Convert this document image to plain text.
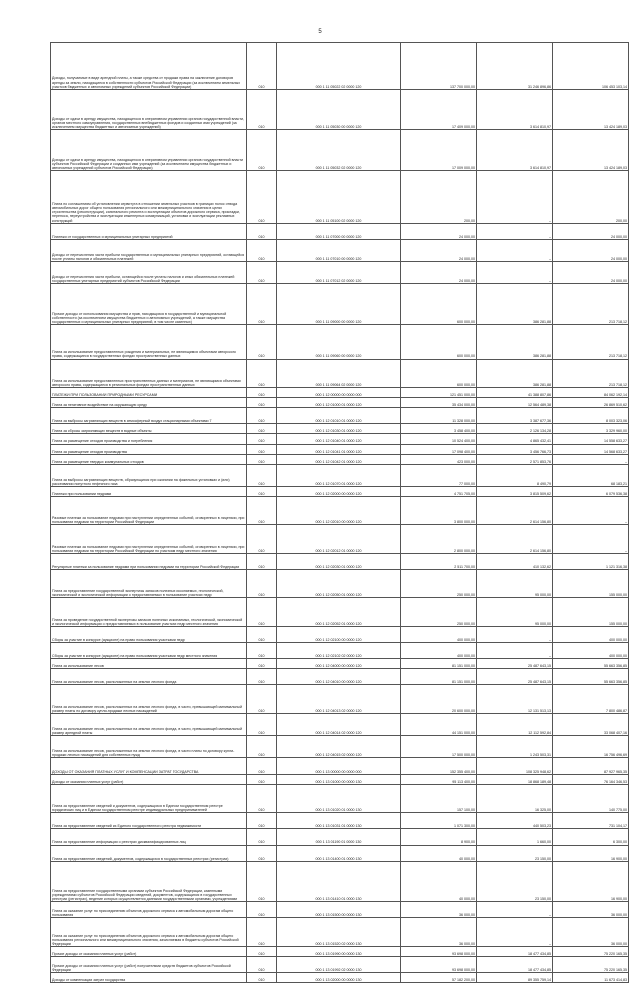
5
Доходы, получаемые в виде арендной платы, а также средства от продажи права на заключение договоров аренды за земли, находящиеся в собственности субъектов Российской Федерации (за исключением земельных участков бюджетных и автономных учреждений субъектов Российской Федерации)	010	000 1 11 05022 02 0000 120	137 700 000,00	31 246 896,86	106 453 103,14
Доходы от сдачи в аренду имущества, находящегося в оперативном управлении органов государственной власти, органов местного самоуправления, государственных внебюджетных фондов и созданных ими учреждений (за исключением имущества бюджетных и автономных учреждений)	010	000 1 11 05030 00 0000 120	17 409 000,00	3 614 810,97	13 424 189,03
Доходы от сдачи в аренду имущества, находящегося в оперативном управлении органов государственной власти субъектов Российской Федерации и созданных ими учреждений (за исключением имущества бюджетных и автономных учреждений субъектов Российской Федерации)	010	000 1 11 05032 02 0000 120	17 009 000,00	3 614 810,97	13 424 189,03
Плата по соглашениям об установлении сервитута в отношении земельных участков в границах полос отвода автомобильных дорог общего пользования регионального или межмуниципального значения в целях строительства (реконструкции), капитального ремонта и эксплуатации объектов дорожного сервиса, прокладки, переноса, переустройства и эксплуатации инженерных коммуникаций, установки и эксплуатации рекламных конструкций	010	000 1 11 05100 02 0000 120	200,00	–	200,00
Платежи от государственных и муниципальных унитарных предприятий	010	000 1 11 07000 00 0000 120	24 000,00	–	24 000,00
Доходы от перечисления части прибыли государственных и муниципальных унитарных предприятий, остающейся после уплаты налогов и обязательных платежей	010	000 1 11 07010 00 0000 120	24 000,00	–	24 000,00
Доходы от перечисления части прибыли, остающейся после уплаты налогов и иных обязательных платежей государственных унитарных предприятий субъектов Российской Федерации	010	000 1 11 07012 02 0000 120	24 000,00	–	24 000,00
Прочие доходы от использования имущества и прав, находящихся в государственной и муниципальной собственности (за исключением имущества бюджетных и автономных учреждений, а также имущества государственных и муниципальных унитарных предприятий, в том числе казенных)	010	000 1 11 09000 00 0000 120	600 000,00	386 281,88	213 718,12
Плата за использование предоставленных рождения и материальных, не являющимся объектами авторского права, содержащиеся в государственных фондах пространственных данных	010	000 1 11 09060 00 0000 120	600 000,00	386 281,88	213 718,12
Плата за использование предоставленных пространственных данных и материалов, не являющимся объектами авторского права, содержащиеся в региональных фондах пространственных данных	010	000 1 11 09064 02 0000 120	600 000,00	386 281,88	213 718,12
ПЛАТЕЖИ ПРИ ПОЛЬЗОВАНИИ ПРИРОДНЫМИ РЕСУРСАМИ	010	000 1 12 00000 00 0000 000	121 451 000,00	41 388 807,86	84 062 192,14
Плата за негативное воздействие на окружающую среду	010	000 1 12 01000 01 0000 120	35 434 000,00	12 564 489,38	26 869 510,62
Плата за выбросы загрязняющих веществ в атмосферный воздух стационарными объектами 7	010	000 1 12 01010 01 0000 120	11 328 000,00	3 387 677,36	8 003 323,06
Плата за сбросы загрязняющих веществ в водные объекты	010	000 1 12 01030 01 0000 120	3 458 400,00	2 126 134,28	3 329 960,00
Плата за размещение отходов производства и потребления	010	000 1 12 01040 01 0000 120	10 524 400,00	4 865 432,41	14 558 633,27
Плата за размещение отходов производства	010	000 1 12 01041 01 0000 120	17 098 400,00	3 456 766,73	14 568 633,27
Плата за размещение твердых коммунальных отходов	010	000 1 12 01042 01 0000 120	423 000,00	2 571 853,76	–
Плата за выбросы загрязняющих веществ, образующихся при сжигании на факельных установках и (или) рассеивании попутного нефтяного газа	010	000 1 12 01070 01 0000 120	77 000,00	8 490,79	68 183,21
Платежи при пользовании недрами	010	000 1 12 02000 00 0000 120	4 751 705,00	3 815 509,62	6 079 536,38
Разовые платежи за пользование недрами при наступлении определенных событий, оговоренных в лицензии, при пользовании недрами на территории Российской Федерации	010	000 1 12 02010 00 0000 120	3 800 000,00	2 614 156,80	–
Разовые платежи за пользование недрами при наступлении определенных событий, оговоренных в лицензии, при пользовании недрами на территории Российской Федерации по участкам недр местного значения	010	000 1 12 02012 01 0000 120	2 800 000,00	2 614 156,80	–
Регулярные платежи за пользование недрами при пользовании недрами на территории Российской Федерации	010	000 1 12 02030 01 0000 120	2 511 700,00	410 132,62	1 121 316,38
Плата за предоставление государственной экспертизы запасов полезных ископаемых, геологической, экономической и экологической информации о предоставляемых в пользование участках недр	010	000 1 12 02050 01 0000 120	250 000,00	95 000,00	155 000,00
Плата за проведение государственной экспертизы запасов полезных ископаемых, геологической, экономической и экологической информации о предоставляемых в пользование участках недр местного значения	010	000 1 12 02052 01 0000 120	250 000,00	95 000,00	155 000,00
Сборы за участие в конкурсе (аукционе) на право пользования участками недр	010	000 1 12 02100 00 0000 120	400 000,00	–	400 000,00
Сборы за участие в конкурсе (аукционе) на право пользования участками недр местного значения	010	000 1 12 02102 02 0000 120	400 000,00	–	400 000,00
Плата за использование лесов	010	000 1 12 04000 00 0000 120	81 151 000,00	25 487 643,15	55 663 356,85
Плата за использование лесов, расположенных на землях лесного фонда	010	000 1 12 04010 00 0000 120	81 151 000,00	25 487 643,15	55 663 356,85
Плата за использование лесов, расположенных на землях лесного фонда, в части, превышающей минимальный размер платы по договору купли-продажи лесных насаждений	010	000 1 12 04013 02 0000 120	20 600 000,00	12 131 513,13	7 800 486,87
Плата за использование лесов, расположенных на землях лесного фонда, в части, превышающей минимальный размер арендной платы	010	000 1 12 04014 02 0000 120	44 151 000,00	12 112 592,84	33 068 407,16
Плата за использование лесов, расположенных на землях лесного фонда, в части платы по договору купли-продажи лесных насаждений для собственных нужд	010	000 1 12 04015 02 0000 120	17 500 000,00	1 243 503,31	16 756 496,69
ДОХОДЫ ОТ ОКАЗАНИЯ ПЛАТНЫХ УСЛУГ И КОМПЕНСАЦИИ ЗАТРАТ ГОСУДАРСТВА	010	000 1 13 00000 00 0000 000	152 355 400,00	108 325 948,62	87 927 965,35
Доходы от оказания платных услуг (работ)	010	000 1 13 01000 00 0000 130	95 113 400,00	18 868 189,48	76 164 346,53
Плата за предоставление сведений и документов, содержащихся в Едином государственном реестре юридических лиц и в Едином государственном реестре индивидуальных предпринимателей	010	000 1 13 01020 01 0000 130	157 100,00	16 325,00	140 775,00
Плата за предоставление сведений из Единого государственного реестра недвижимости	010	000 1 13 01031 01 0000 130	1 071 300,00	440 503,23	731 104,17
Плата за предоставление информации о реестрах дисквалифицированных лиц	010	000 1 13 01190 01 0000 130	8 900,00	1 660,00	6 300,00
Плата за предоставление сведений, документов, содержащихся в государственных реестрах (регистрах)	010	000 1 13 01400 01 0000 130	40 000,00	23 150,00	16 900,00
Плата за предоставление государственными органами субъектов Российской Федерации, казенными учреждениями субъектов Российской Федерации сведений, документов, содержащихся в государственных реестрах (регистрах), ведение которых осуществляется данными государственными органами, учреждениями	010	000 1 13 01410 01 0000 130	40 000,00	23 150,00	16 900,00
Плата за оказание услуг по присоединению объектов дорожного сервиса к автомобильным дорогам общего пользования	010	000 1 13 01500 00 0000 130	36 000,00	–	36 000,00
Плата за оказание услуг по присоединению объектов дорожного сервиса к автомобильным дорогам общего пользования регионального или межмуниципального значения, зачисляемая в бюджеты субъектов Российской Федерации	010	000 1 13 01520 02 0000 130	36 000,00	–	36 000,00
Прочие доходы от оказания платных услуг (работ)	010	000 1 13 01990 00 0000 130	93 698 000,00	18 477 434,85	75 220 165,35
Прочие доходы от оказания платных услуг (работ) получателями средств бюджетов субъектов Российской Федерации	010	000 1 13 01992 02 0000 130	93 698 000,00	18 477 434,85	75 220 165,35
Доходы от компенсации затрат государства	010	000 1 13 02000 00 0000 130	57 182 200,00	89 355 759,14	11 673 414,83
